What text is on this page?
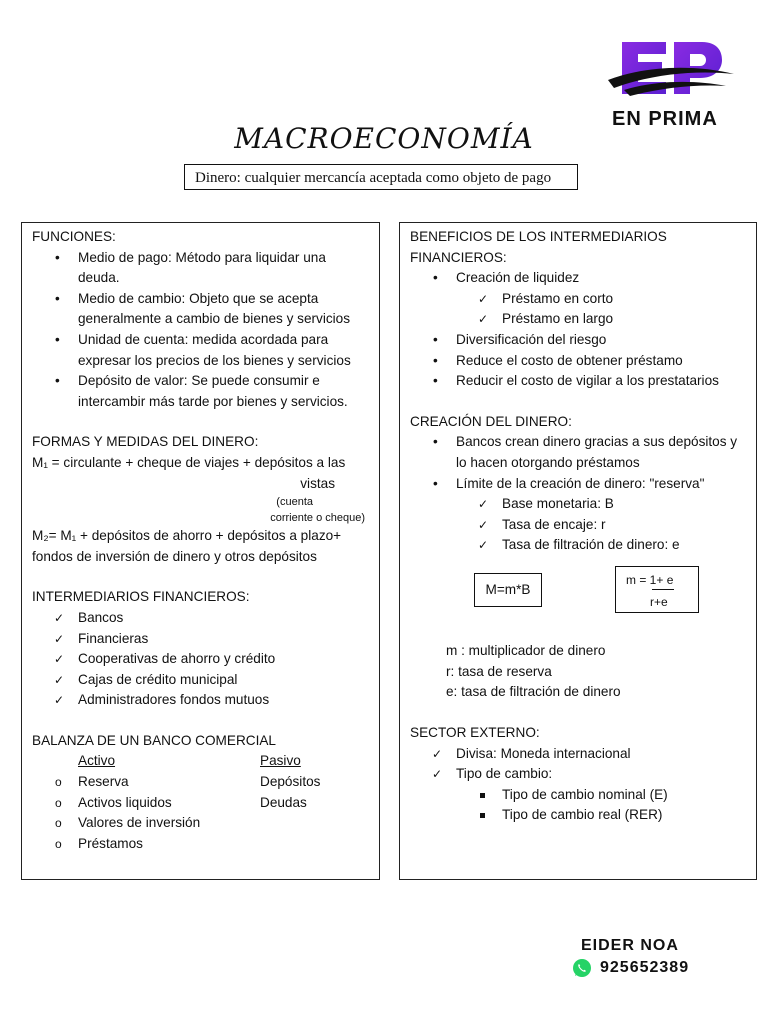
EN PRIMA
MACROECONOMÍA
Dinero: cualquier mercancía aceptada como objeto de pago
FUNCIONES:
• Medio de pago: Método para liquidar una deuda.
• Medio de cambio: Objeto que se acepta generalmente a cambio de bienes y servicios
• Unidad de cuenta: medida acordada para expresar los precios de los bienes y servicios
• Depósito de valor: Se puede consumir e intercambir más tarde por bienes y servicios.
FORMAS Y MEDIDAS DEL DINERO:
M₁ = circulante + cheque de viajes + depósitos a las
vistas
(cuenta
corriente o cheque)
M₂= M₁ + depósitos de ahorro + depósitos a plazo+ fondos de inversión de dinero y otros depósitos
INTERMEDIARIOS FINANCIEROS:
✓ Bancos
✓ Financieras
✓ Cooperativas de ahorro y crédito
✓ Cajas de crédito municipal
✓ Administradores fondos mutuos
BALANZA DE UN BANCO COMERCIAL
Activo	Pasivo
o Reserva	Depósitos
o Activos liquidos	Deudas
o Valores de inversión
o Préstamos
BENEFICIOS DE LOS INTERMEDIARIOS FINANCIEROS:
• Creación de liquidez
✓ Préstamo en corto
✓ Préstamo en largo
• Diversificación del riesgo
• Reduce el costo de obtener préstamo
• Reducir el costo de vigilar a los prestatarios
CREACIÓN DEL DINERO:
• Bancos crean dinero gracias a sus depósitos y lo hacen otorgando préstamos
• Límite de la creación de dinero: "reserva"
✓ Base monetaria: B
✓ Tasa de encaje: r
✓ Tasa de filtración de dinero: e
M=m*B
m = 1+ e
r+e
m : multiplicador de dinero
r: tasa de reserva
e: tasa de filtración de dinero
SECTOR EXTERNO:
✓ Divisa: Moneda internacional
✓ Tipo de cambio:
Tipo de cambio nominal (E)
Tipo de cambio real (RER)
EIDER NOA
925652389
